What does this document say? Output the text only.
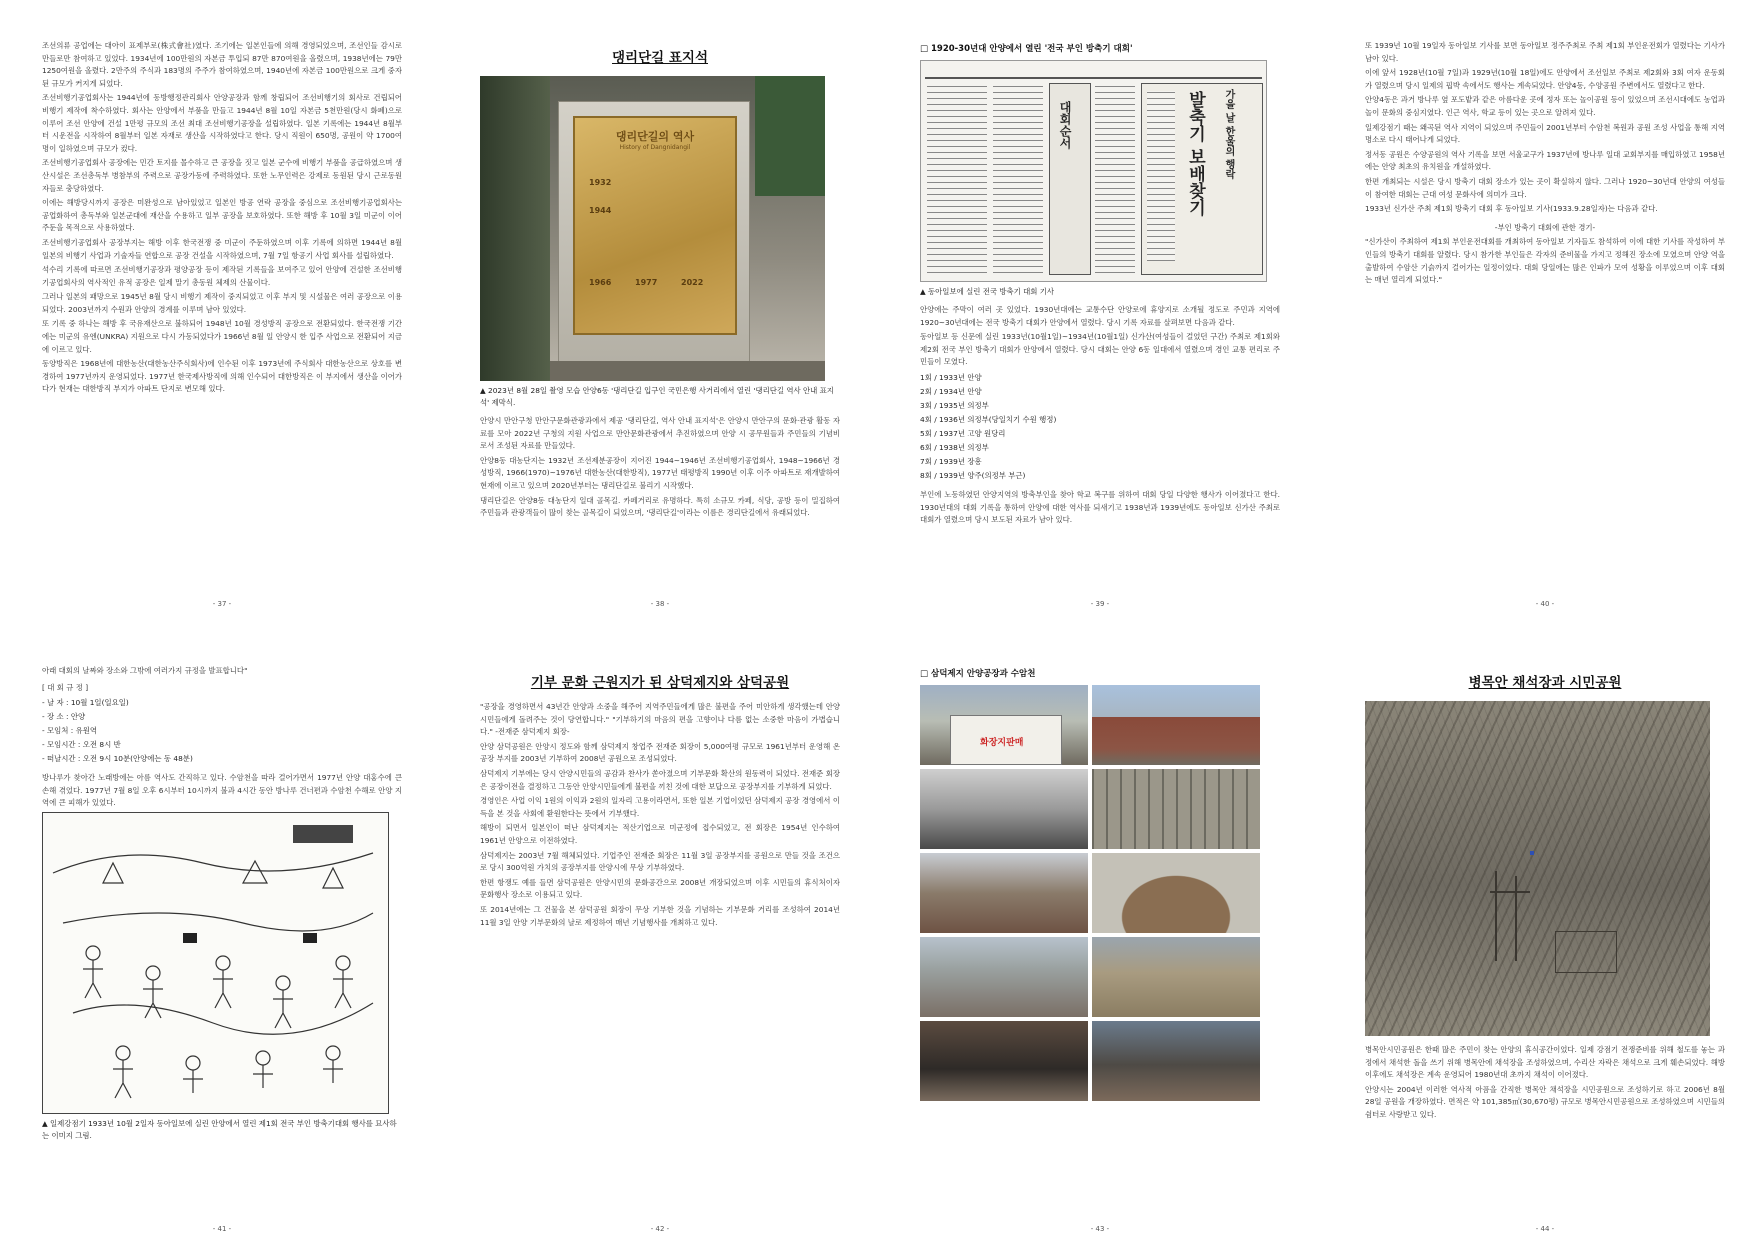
조선의류 공업에는 대아이 표제부로(株式會社)였다. 조기에는 일본인들에 의해 경영되었으며, 조선인들 감시로 만들로만 참여하고 있었다. 1934년에 100만원의 자본금 투입되 87만 870여원을 올렸으며, 1938년에는 79만 1250여원을 올렸다. 2만주의 주식과 183명의 주주가 참여하였으며, 1940년에 자본금 100만원으로 크게 중자된 규모가 커지게 되었다.
조선비행기공업회사는 1944년에 동방행정관리회사 안양공장과 함께 창립되어 조선비행기의 회사로 건립되어 비행기 제작에 착수하였다. 회사는 안양에서 부품을 만들고 1944년 8월 10일 자본금 5천만원(당시 화폐)으로 이루어 조선 안양에 건설 1만평 규모의 조선 최대 조선비행기공장을 설립하였다. 일본 기록에는 1944년 8월부터 시운전을 시작하여 8월부터 일본 자재로 생산을 시작하였다고 한다. 당시 직원이 650명, 공원이 약 1700여 명이 일하였으며 규모가 컸다.
조선비행기공업회사 공장에는 민간 토지를 몰수하고 큰 공장을 짓고 일본 군수에 비행기 부품을 공급하였으며 생산시설은 조선총독부 병참부의 주력으로 공장가동에 주력하였다. 또한 노무인력은 강제로 동원된 당시 근로동원자들로 충당하였다.
이에는 해방당시까지 공장은 미완성으로 남아있었고 일본인 방공 연락 공장을 중심으로 조선비행기공업회사는 공업화하여 총독부와 일본군대에 재산을 수용하고 일부 공장을 보호하였다. 또한 해방 후 10월 3일 미군이 이어 주둔을 목적으로 사용하였다.
조선비행기공업회사 공장부지는 해방 이후 한국전쟁 중 미군이 주둔하였으며 이후 기록에 의하면 1944년 8월 일본의 비행기 사업과 기술자들 연합으로 공장 건설을 시작하였으며, 7월 7일 항공기 사업 회사를 설립하였다.
석수리 기록에 따르면 조선비행기공장과 평양공장 등이 제작된 기록들을 보여주고 있어 안양에 건설한 조선비행기공업회사의 역사적인 유적 공장은 일제 말기 총동원 체제의 산물이다.
그러나 일본의 패망으로 1945년 8월 당시 비행기 제작이 중지되었고 이후 부지 및 시설물은 여러 공장으로 이용되었다. 2003년까지 수원과 안양의 경계를 이루며 남아 있었다.
또 기록 중 하나는 해방 후 국유재산으로 불하되어 1948년 10월 경성방직 공장으로 전환되었다. 한국전쟁 기간에는 미군의 유엔(UNKRA) 지원으로 다시 가동되었다가 1966년 8월 일 안양시 한 입주 사업으로 전환되어 지금에 이르고 있다.
동양방직은 1968년에 대한농산(대한농산주식회사)에 인수된 이후 1973년에 주식회사 대한농산으로 상호를 변경하여 1977년까지 운영되었다. 1977년 한국제사방직에 의해 인수되어 대한방직은 이 부지에서 생산을 이어가다가 현재는 대한방직 부지가 아파트 단지로 변모해 있다.
- 37 -
댕리단길 표지석
댕리단길의 역사
History of Dangnidangil
1932
1944
1966	1977	2022
▲ 2023년 8월 28일 촬영 모습 안양6동 '댕리단길 입구인 국민은행 사거리에서 열린 '댕리단길 역사 안내 표지석' 제막식.
안양시 만안구청 만안구문화관광과에서 제공 '댕리단길, 역사 안내 표지석'은 안양시 만안구의 문화·관광 활동 자료를 모아 2022년 구청의 지원 사업으로 만안문화관광에서 추진하였으며 안양 시 공무원들과 주민들의 기념비로서 조성된 자료를 만들었다.
안양8동 대농단지는 1932년 조선제분공장이 지어진 1944~1946년 조선비행기공업회사, 1948~1966년 경성방직, 1966(1970)~1976년 대한농산(대한방직), 1977년 태평방직 1990년 이후 이주 아파트로 재개발하여 현재에 이르고 있으며 2020년부터는 댕리단길로 불리기 시작했다.
댕리단길은 안양8동 대농단지 일대 골목길. 카페거리로 유명하다. 특히 소규모 카페, 식당, 공방 등이 밀집하여 주민들과 관광객들이 많이 찾는 골목길이 되었으며, '댕리단길'이라는 이름은 경리단길에서 유래되었다.
- 38 -
□ 1920-30년대 안양에서 열린 '전국 부인 방축기 대회'
대회순서	가을 날 한울의 행락
발축기 보배찾기
▲ 동아일보에 실린 전국 방축기 대회 기사
안양에는 주막이 여러 곳 있었다. 1930년대에는 교통수단 안양로에 휴양지로 소개될 정도로 주민과 지역에 1920~30년대에는 전국 방축기 대회가 안양에서 열렸다. 당시 기록 자료를 살펴보면 다음과 같다.
동아일보 등 신문에 실린 1933년(10월1일)~1934년(10월1일) 신가산(여성들이 걸었던 구간) 주최로 제1회와 제2회 전국 부인 방축기 대회가 안양에서 열렸다. 당시 대회는 안양 6동 일대에서 열렸으며 경인 교통 편리로 주민들이 모였다.
1회 / 1933년 안양
2회 / 1934년 안양
3회 / 1935년 의정부
4회 / 1936년 의정부(당일치기 수원 행정)
5회 / 1937년 고양 원당리
6회 / 1938년 의정부
7회 / 1939년 장흥
8회 / 1939년 양주(의정부 부근)
부인에 노동하였던 안양지역의 방축부인을 찾아 학교 복구를 위하여 대회 당일 다양한 행사가 이어졌다고 한다. 1930년대의 대회 기록을 통하여 안양에 대한 역사를 되새기고 1938년과 1939년에도 동아일보 신가산 주최로 대회가 열렸으며 당시 보도된 자료가 남아 있다.
- 39 -
또 1939년 10월 19일자 동아일보 기사를 보면 동아일보 정주주최로 주최 제1회 부인운전회가 열렸다는 기사가 남아 있다.
이에 앞서 1928년(10월 7일)과 1929년(10월 18일)에도 안양에서 조선일보 주최로 제2회와 3회 여자 운동회가 열렸으며 당시 일제의 핍박 속에서도 행사는 계속되었다. 안양4동, 수양공원 주변에서도 열렸다고 한다.
안양4동은 과거 방나루 옆 포도밭과 같은 아름다운 곳에 정자 또는 놀이공원 등이 있었으며 조선시대에도 농업과 놀이 문화의 중심지였다. 인근 역사, 학교 등이 있는 곳으로 알려져 있다.
일제강점기 때는 왜곡된 역사 지역이 되었으며 주민들이 2001년부터 수암천 복원과 공원 조성 사업을 통해 지역 명소로 다시 태어나게 되었다.
정서동 공원은 수양공원의 역사 기록을 보면 서울교구가 1937년에 방나루 일대 교회부지를 매입하였고 1958년에는 안양 최초의 유치원을 개설하였다.
한편 개최되는 시설은 당시 방축기 대회 장소가 있는 곳이 확실하지 않다. 그러나 1920~30년대 안양의 여성들이 참여한 대회는 근대 여성 문화사에 의미가 크다.
1933년 신가산 주최 제1회 방축기 대회 후 동아일보 기사(1933.9.28일자)는 다음과 같다.
-부인 방축기 대회에 관한 경기-
"신가산이 주최하여 제1회 부인운전대회를 개최하여 동아일보 기자들도 참석하여 이에 대한 기사를 작성하여 부인들의 방축기 대회를 알렸다. 당시 참가한 부인들은 각자의 준비물을 가지고 정해진 장소에 모였으며 안양 역을 출발하여 수암산 기슭까지 걸어가는 일정이었다. 대회 당일에는 많은 인파가 모여 성황을 이루었으며 이후 대회는 매년 열리게 되었다."
- 40 -
아래 대회의 날짜와 장소와 그밖에 여러가지 규정을 발표합니다"
[ 대 회 규 정 ]
- 날 자 : 10월 1일(일요일)
- 장 소 : 안양
- 모임처 : 유원역
- 모임시간 : 오전 8시 반
- 떠날시간 : 오전 9시 10분(안양에는 동 48분)
방나루가 찾아간 노래방에는 아름 역사도 간직하고 있다. 수암천을 따라 걸어가면서 1977년 안양 대홍수에 큰 손해 겪었다. 1977년 7월 8일 오후 6시부터 10시까지 불과 4시간 동안 방나루 건너편과 수암천 수해로 안양 지역에 큰 피해가 있었다.
▲ 일제강점기 1933년 10월 2일자 동아일보에 실린 안양에서 열린 제1회 전국 부인 방축기대회 행사를 묘사하는 이미지 그림.
- 41 -
기부 문화 근원지가 된 삼덕제지와 삼덕공원
"공장을 경영하면서 43년간 안양과 소중을 해주어 지역주민들에게 많은 불편을 주어 미안하게 생각했는데 안양시민들에게 돌려주는 것이 당연합니다." "기부하기의 마음의 편을 고향이나 다름 없는 소중한 마음이 가볍습니다." -전재준 삼덕제지 회장-
안양 삼덕공원은 안양시 정도와 함께 삼덕제지 창업주 전재준 회장이 5,000여평 규모로 1961년부터 운영해 온 공장 부지를 2003년 기부하여 2008년 공원으로 조성되었다.
삼덕제지 기부에는 당시 안양시민들의 공감과 찬사가 쏟아졌으며 기부문화 확산의 원동력이 되었다. 전재준 회장은 공장이전을 결정하고 그동안 안양시민들에게 불편을 끼친 것에 대한 보답으로 공장부지를 기부하게 되었다.
경영인은 사업 이익 1원의 이익과 2원의 일자리 고용이라면서, 또한 일본 기업이었던 삼덕제지 공장 경영에서 이득을 본 것을 사회에 환원한다는 뜻에서 기부했다.
해방이 되면서 일본인이 떠난 삼덕제지는 적산기업으로 미군정에 접수되었고, 전 회장은 1954년 인수하여 1961년 안양으로 이전하였다.
삼덕제지는 2003년 7월 해체되었다. 기업주인 전재준 회장은 11월 3일 공장부지를 공원으로 만들 것을 조건으로 당시 300억원 가치의 공장부지를 안양시에 무상 기부하였다.
한편 항쟁도 예를 들면 삼덕공원은 안양시민의 문화공간으로 2008년 개장되었으며 이후 시민들의 휴식처이자 문화행사 장소로 이용되고 있다.
또 2014년에는 그 건물을 본 삼덕공원 회장이 무상 기부한 것을 기념하는 기부문화 거리를 조성하여 2014년 11월 3일 안양 기부문화의 날로 제정하여 매년 기념행사를 개최하고 있다.
- 42 -
□ 삼덕제지 안양공장과 수암천
화장지판매
- 43 -
병목안 채석장과 시민공원
병목안시민공원은 한때 많은 주민이 찾는 안양의 휴식공간이었다. 일제 강점기 전쟁준비를 위해 철도를 놓는 과정에서 채석한 돌을 쓰기 위해 병목안에 채석장을 조성하였으며, 수리산 자락은 채석으로 크게 훼손되었다. 해방 이후에도 채석장은 계속 운영되어 1980년대 초까지 채석이 이어졌다.
안양시는 2004년 이러한 역사적 아픔을 간직한 병목안 채석장을 시민공원으로 조성하기로 하고 2006년 8월 28일 공원을 개장하였다. 면적은 약 101,385㎡(30,670평) 규모로 병목안시민공원으로 조성하였으며 시민들의 쉼터로 사랑받고 있다.
- 44 -
